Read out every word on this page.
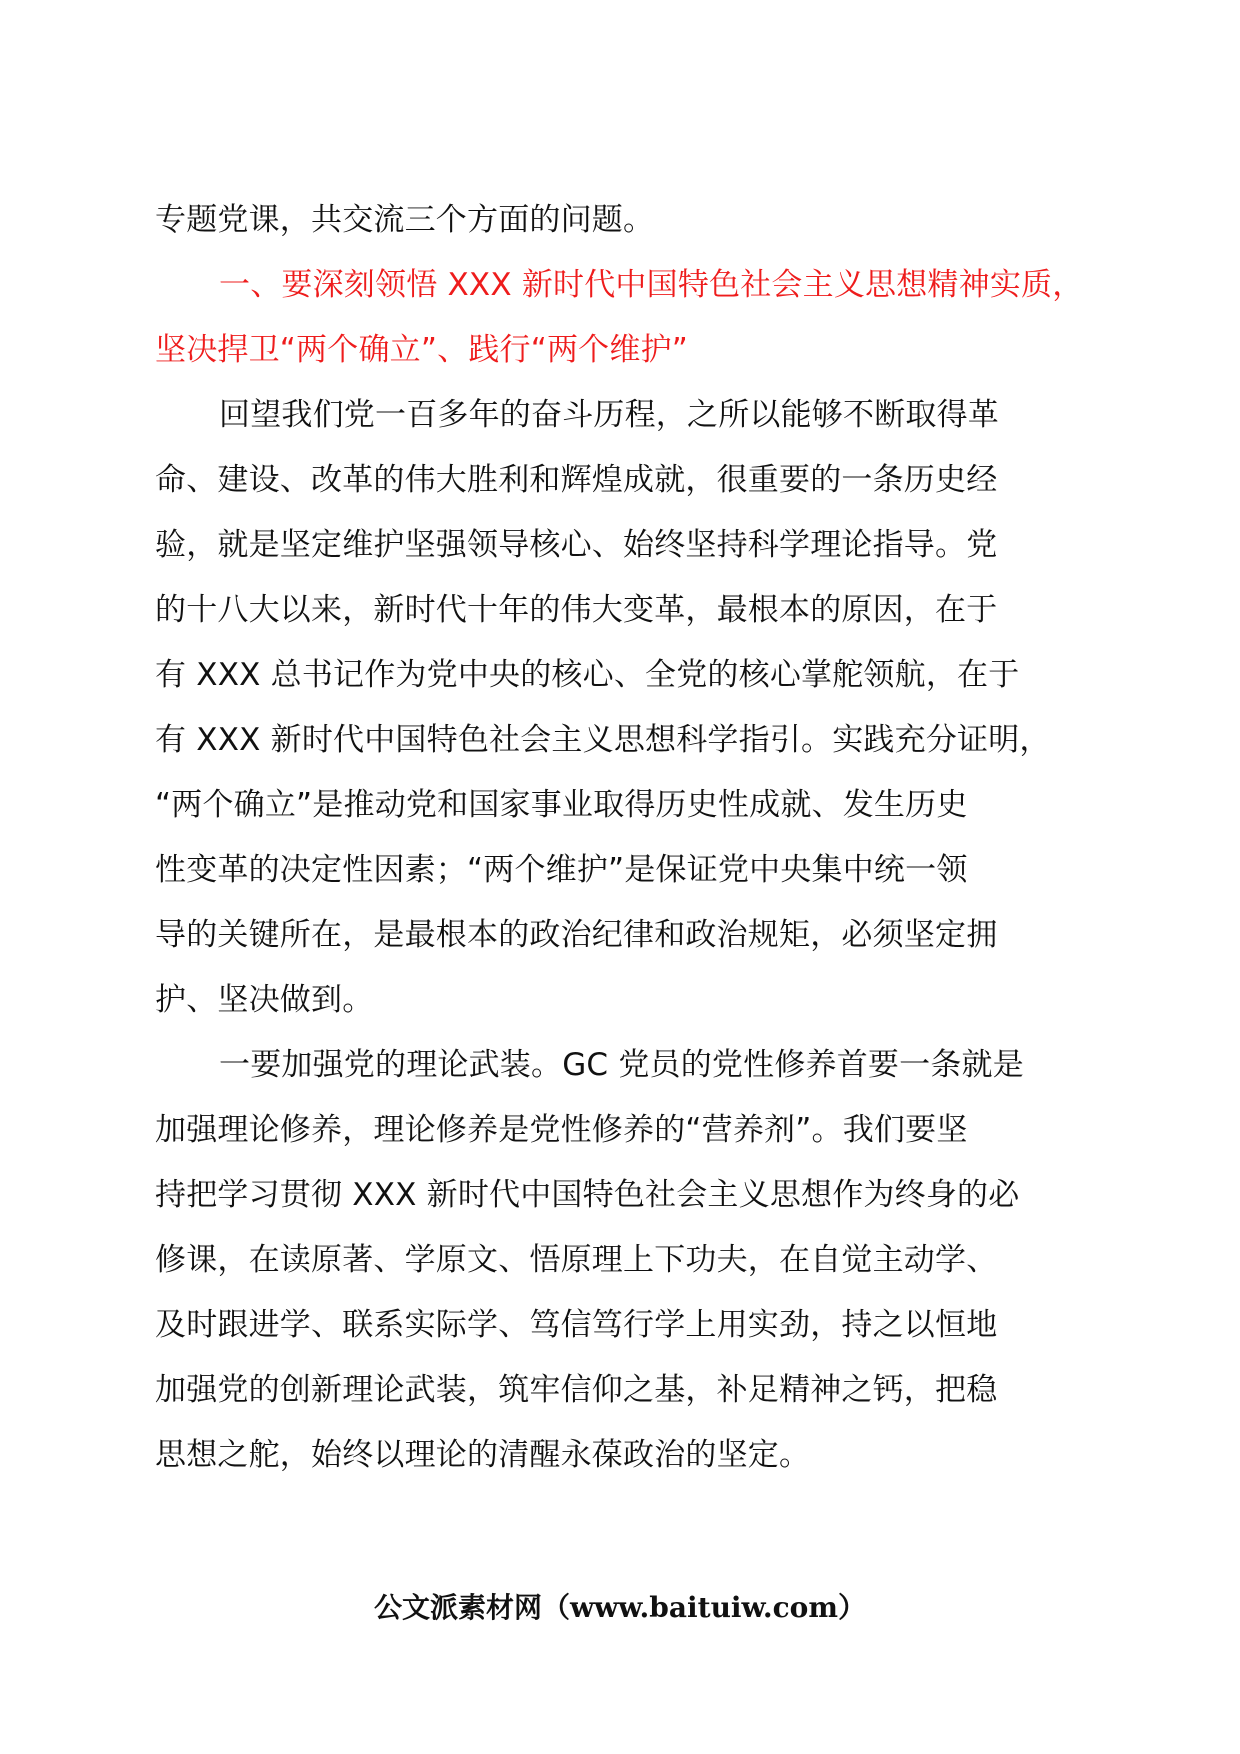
专题党课，共交流三个方面的问题。
一、要深刻领悟 XXX 新时代中国特色社会主义思想精神实质，
坚决捍卫“两个确立”、践行“两个维护”
回望我们党一百多年的奋斗历程，之所以能够不断取得革
命、建设、改革的伟大胜利和辉煌成就，很重要的一条历史经
验，就是坚定维护坚强领导核心、始终坚持科学理论指导。党
的十八大以来，新时代十年的伟大变革，最根本的原因，在于
有 XXX 总书记作为党中央的核心、全党的核心掌舵领航，在于
有 XXX 新时代中国特色社会主义思想科学指引。实践充分证明，
“两个确立”是推动党和国家事业取得历史性成就、发生历史
性变革的决定性因素；“两个维护”是保证党中央集中统一领
导的关键所在，是最根本的政治纪律和政治规矩，必须坚定拥
护、坚决做到。
一要加强党的理论武装。GC 党员的党性修养首要一条就是
加强理论修养，理论修养是党性修养的“营养剂”。我们要坚
持把学习贯彻 XXX 新时代中国特色社会主义思想作为终身的必
修课，在读原著、学原文、悟原理上下功夫，在自觉主动学、
及时跟进学、联系实际学、笃信笃行学上用实劲，持之以恒地
加强党的创新理论武装，筑牢信仰之基，补足精神之钙，把稳
思想之舵，始终以理论的清醒永葆政治的坚定。
公文派素材网（www.baituiw.com）
